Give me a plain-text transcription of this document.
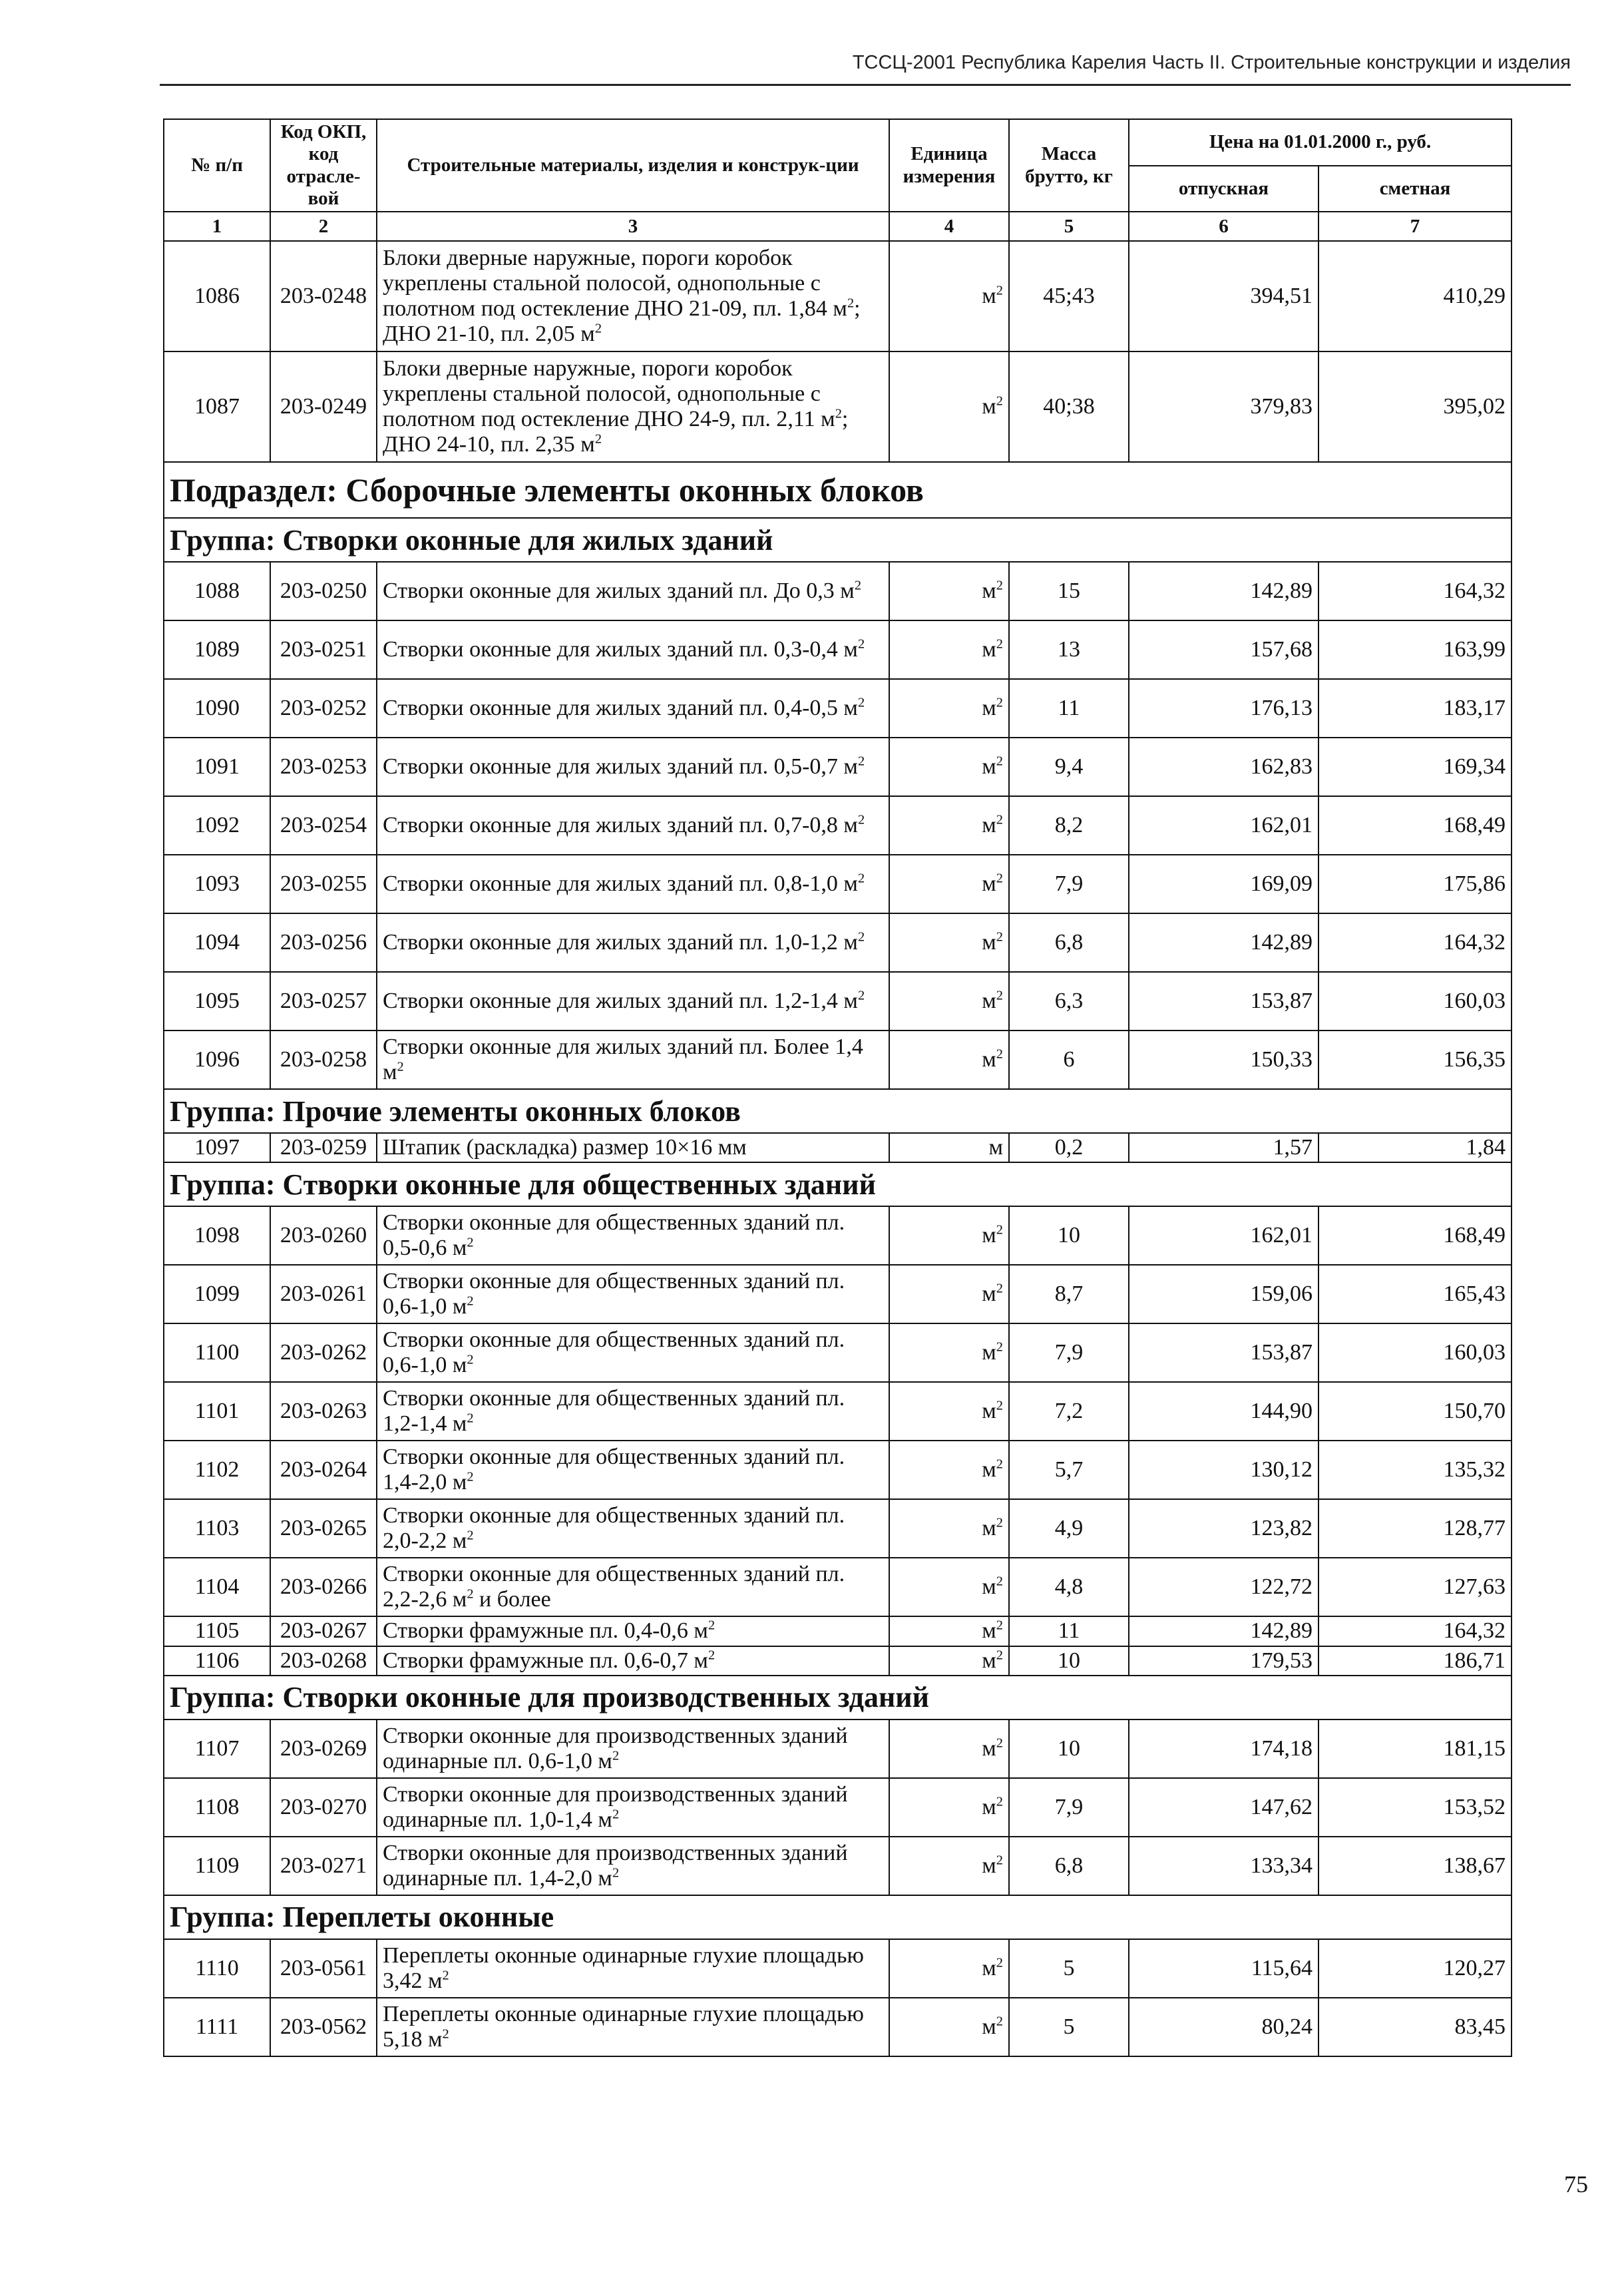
ТССЦ-2001 Республика Карелия Часть II. Строительные конструкции и изделия
№ п/п	Код ОКП, код отрасле-вой	Строительные материалы, изделия и конструк-ции	Единица измерения	Масса брутто, кг	Цена на 01.01.2000 г., руб.	
					отпускная	сметная
1	2	3	4	5	6	7
1086	203-0248	Блоки дверные наружные, пороги коробок укреплены стальной полосой, однопольные с полотном под остекление ДНО 21-09, пл. 1,84 $м^2$; ДНО 21-10, пл. 2,05 $м^2$	$м^2$	45;43	394,51	410,29
1087	203-0249	Блоки дверные наружные, пороги коробок укреплены стальной полосой, однопольные с полотном под остекление ДНО 24-9, пл. 2,11 $м^2$; ДНО 24-10, пл. 2,35 $м^2$	$м^2$	40;38	379,83	395,02
Подраздел: Сборочные элементы оконных блоков						
Группа: Створки оконные для жилых зданий						
1088	203-0250	Створки оконные для жилых зданий пл. До 0,3 $м^2$	$м^2$	15	142,89	164,32
1089	203-0251	Створки оконные для жилых зданий пл. 0,3-0,4 $м^2$	$м^2$	13	157,68	163,99
1090	203-0252	Створки оконные для жилых зданий пл. 0,4-0,5 $м^2$	$м^2$	11	176,13	183,17
1091	203-0253	Створки оконные для жилых зданий пл. 0,5-0,7 $м^2$	$м^2$	9,4	162,83	169,34
1092	203-0254	Створки оконные для жилых зданий пл. 0,7-0,8 $м^2$	$м^2$	8,2	162,01	168,49
1093	203-0255	Створки оконные для жилых зданий пл. 0,8-1,0 $м^2$	$м^2$	7,9	169,09	175,86
1094	203-0256	Створки оконные для жилых зданий пл. 1,0-1,2 $м^2$	$м^2$	6,8	142,89	164,32
1095	203-0257	Створки оконные для жилых зданий пл. 1,2-1,4 $м^2$	$м^2$	6,3	153,87	160,03
1096	203-0258	Створки оконные для жилых зданий пл. Более 1,4 $м^2$	$м^2$	6	150,33	156,35
Группа: Прочие элементы оконных блоков						
1097	203-0259	Штапик (раскладка) размер 10×16 мм	м	0,2	1,57	1,84
Группа: Створки оконные для общественных зданий						
1098	203-0260	Створки оконные для общественных зданий пл. 0,5-0,6 $м^2$	$м^2$	10	162,01	168,49
1099	203-0261	Створки оконные для общественных зданий пл. 0,6-1,0 $м^2$	$м^2$	8,7	159,06	165,43
1100	203-0262	Створки оконные для общественных зданий пл. 0,6-1,0 $м^2$	$м^2$	7,9	153,87	160,03
1101	203-0263	Створки оконные для общественных зданий пл. 1,2-1,4 $м^2$	$м^2$	7,2	144,90	150,70
1102	203-0264	Створки оконные для общественных зданий пл. 1,4-2,0 $м^2$	$м^2$	5,7	130,12	135,32
1103	203-0265	Створки оконные для общественных зданий пл. 2,0-2,2 $м^2$	$м^2$	4,9	123,82	128,77
1104	203-0266	Створки оконные для общественных зданий пл. 2,2-2,6 $м^2$ и более	$м^2$	4,8	122,72	127,63
1105	203-0267	Створки фрамужные пл. 0,4-0,6 $м^2$	$м^2$	11	142,89	164,32
1106	203-0268	Створки фрамужные пл. 0,6-0,7 $м^2$	$м^2$	10	179,53	186,71
Группа: Створки оконные для производственных зданий						
1107	203-0269	Створки оконные для производственных зданий одинарные пл. 0,6-1,0 $м^2$	$м^2$	10	174,18	181,15
1108	203-0270	Створки оконные для производственных зданий одинарные пл. 1,0-1,4 $м^2$	$м^2$	7,9	147,62	153,52
1109	203-0271	Створки оконные для производственных зданий одинарные пл. 1,4-2,0 $м^2$	$м^2$	6,8	133,34	138,67
Группа: Переплеты оконные						
1110	203-0561	Переплеты оконные одинарные глухие площадью 3,42 $м^2$	$м^2$	5	115,64	120,27
1111	203-0562	Переплеты оконные одинарные глухие площадью 5,18 $м^2$	$м^2$	5	80,24	83,45
75
